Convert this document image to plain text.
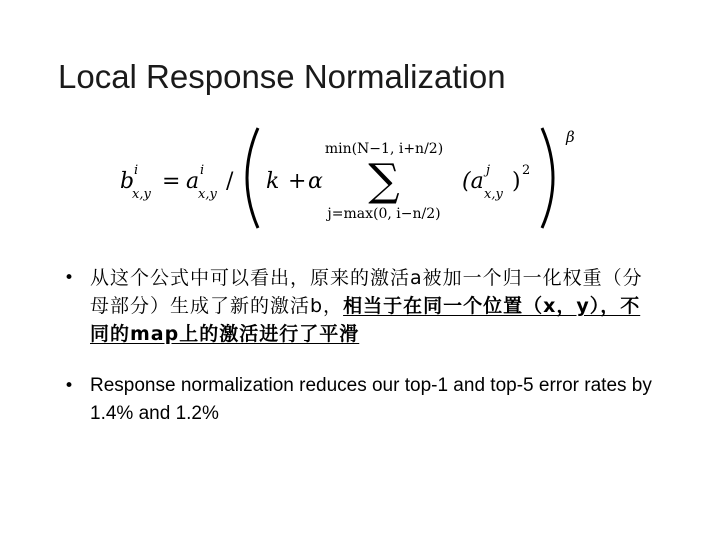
Local Response Normalization
b i
x,y
= a i
x,y
/ k + α
min(N−1, i+n/2)
∑
j=max(0, i−n/2)
(a j
x,y
) 2
β
• 从这个公式中可以看出，原来的激活a被加一个归一化权重（分母部分）生成了新的激活b，相当于在同一个位置（x，y），不同的map上的激活进行了平滑
• Response normalization reduces our top-1 and top-5 error rates by 1.4% and 1.2%
